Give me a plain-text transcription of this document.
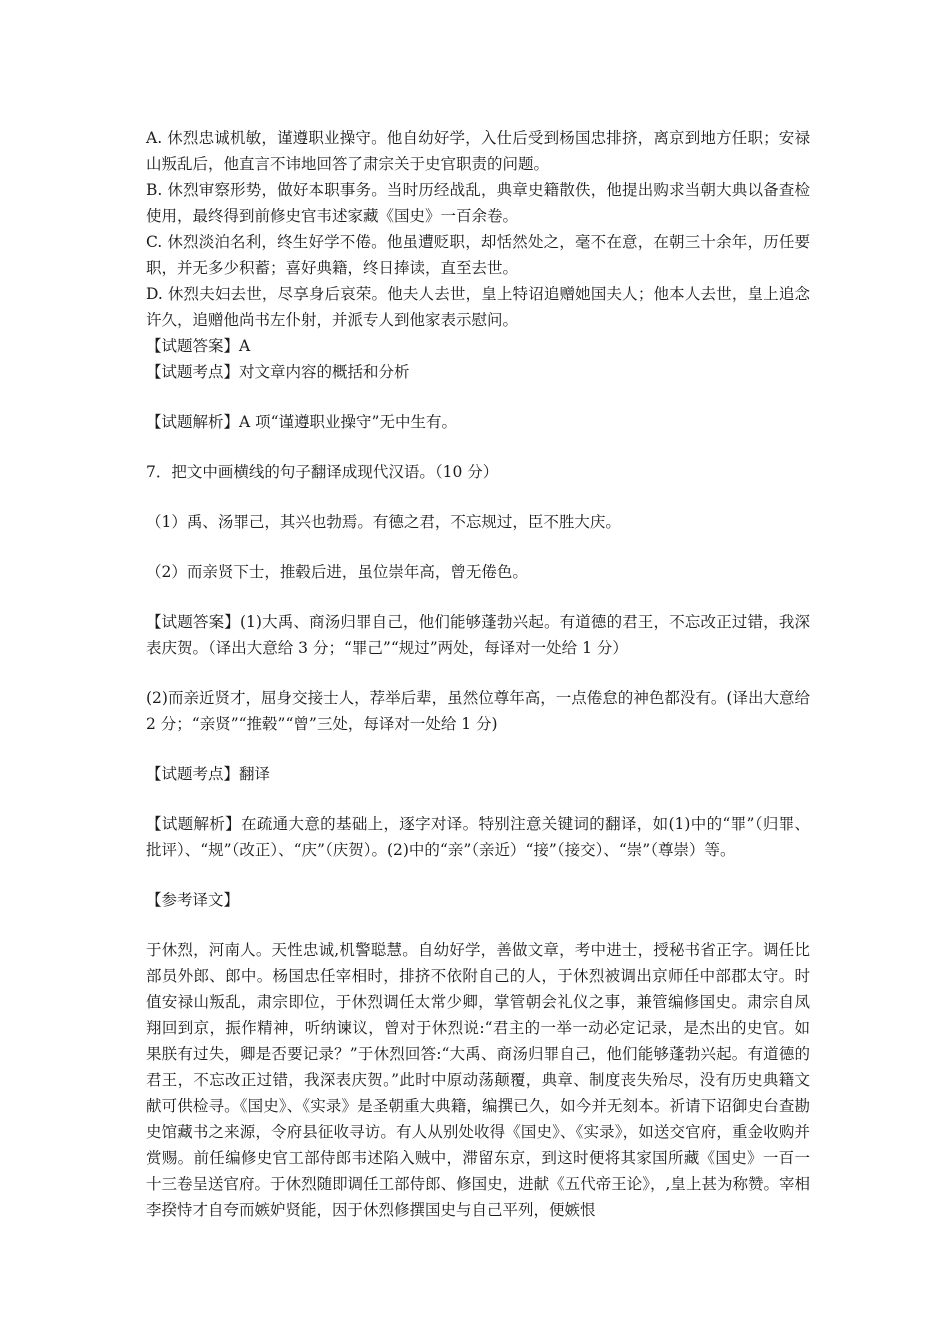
A. 休烈忠诚机敏，谨遵职业操守。他自幼好学，入仕后受到杨国忠排挤，离京到地方任职；安禄山叛乱后，他直言不讳地回答了肃宗关于史官职责的问题。

B. 休烈审察形势，做好本职事务。当时历经战乱，典章史籍散佚，他提出购求当朝大典以备查检使用，最终得到前修史官韦述家藏《国史》一百余卷。

C. 休烈淡泊名利，终生好学不倦。他虽遭贬职，却恬然处之，毫不在意，在朝三十余年，历任要职，并无多少积蓄；喜好典籍，终日捧读，直至去世。

D. 休烈夫妇去世，尽享身后哀荣。他夫人去世，皇上特诏追赠她国夫人；他本人去世，皇上追念许久，追赠他尚书左仆射，并派专人到他家表示慰问。

【试题答案】A

【试题考点】对文章内容的概括和分析

【试题解析】A 项“谨遵职业操守”无中生有。

7．把文中画横线的句子翻译成现代汉语。（10 分）

（1）禹、汤罪己，其兴也勃焉。有德之君，不忘规过，臣不胜大庆。

（2）而亲贤下士，推毂后进，虽位崇年高，曾无倦色。

【试题答案】(1)大禹、商汤归罪自己，他们能够蓬勃兴起。有道德的君王，不忘改正过错，我深表庆贺。（译出大意给 3 分；“罪己”“规过”两处，每译对一处给 1 分）

(2)而亲近贤才，屈身交接士人，荐举后辈，虽然位尊年高，一点倦怠的神色都没有。(译出大意给 2 分；“亲贤”“推毂”“曾”三处，每译对一处给 1 分)

【试题考点】翻译

【试题解析】在疏通大意的基础上，逐字对译。特别注意关键词的翻译，如(1)中的“罪”（归罪、批评）、“规”（改正）、“庆”（庆贺）。(2)中的“亲”（亲近）“接”（接交）、“崇”（尊崇）等。

【参考译文】

于休烈，河南人。天性忠诚,机警聪慧。自幼好学，善做文章，考中进士，授秘书省正字。调任比部员外郎、郎中。杨国忠任宰相时，排挤不依附自己的人，于休烈被调出京师任中部郡太守。时值安禄山叛乱，肃宗即位，于休烈调任太常少卿，掌管朝会礼仪之事，兼管编修国史。肃宗自凤翔回到京，振作精神，听纳谏议，曾对于休烈说:“君主的一举一动必定记录，是杰出的史官。如果朕有过失，卿是否要记录？”于休烈回答:“大禹、商汤归罪自己，他们能够蓬勃兴起。有道德的君王，不忘改正过错，我深表庆贺。”此时中原动荡颠覆，典章、制度丧失殆尽，没有历史典籍文献可供检寻。《国史》、《实录》是圣朝重大典籍，编撰已久，如今并无刻本。祈请下诏御史台查勘史馆藏书之来源，令府县征收寻访。有人从别处收得《国史》、《实录》，如送交官府，重金收购并赏赐。前任编修史官工部侍郎韦述陷入贼中，滞留东京，到这时便将其家国所藏《国史》一百一十三卷呈送官府。于休烈随即调任工部侍郎、修国史，进献《五代帝王论》，,皇上甚为称赞。宰相李揆恃才自夸而嫉妒贤能，因于休烈修撰国史与自己平列，便嫉恨
